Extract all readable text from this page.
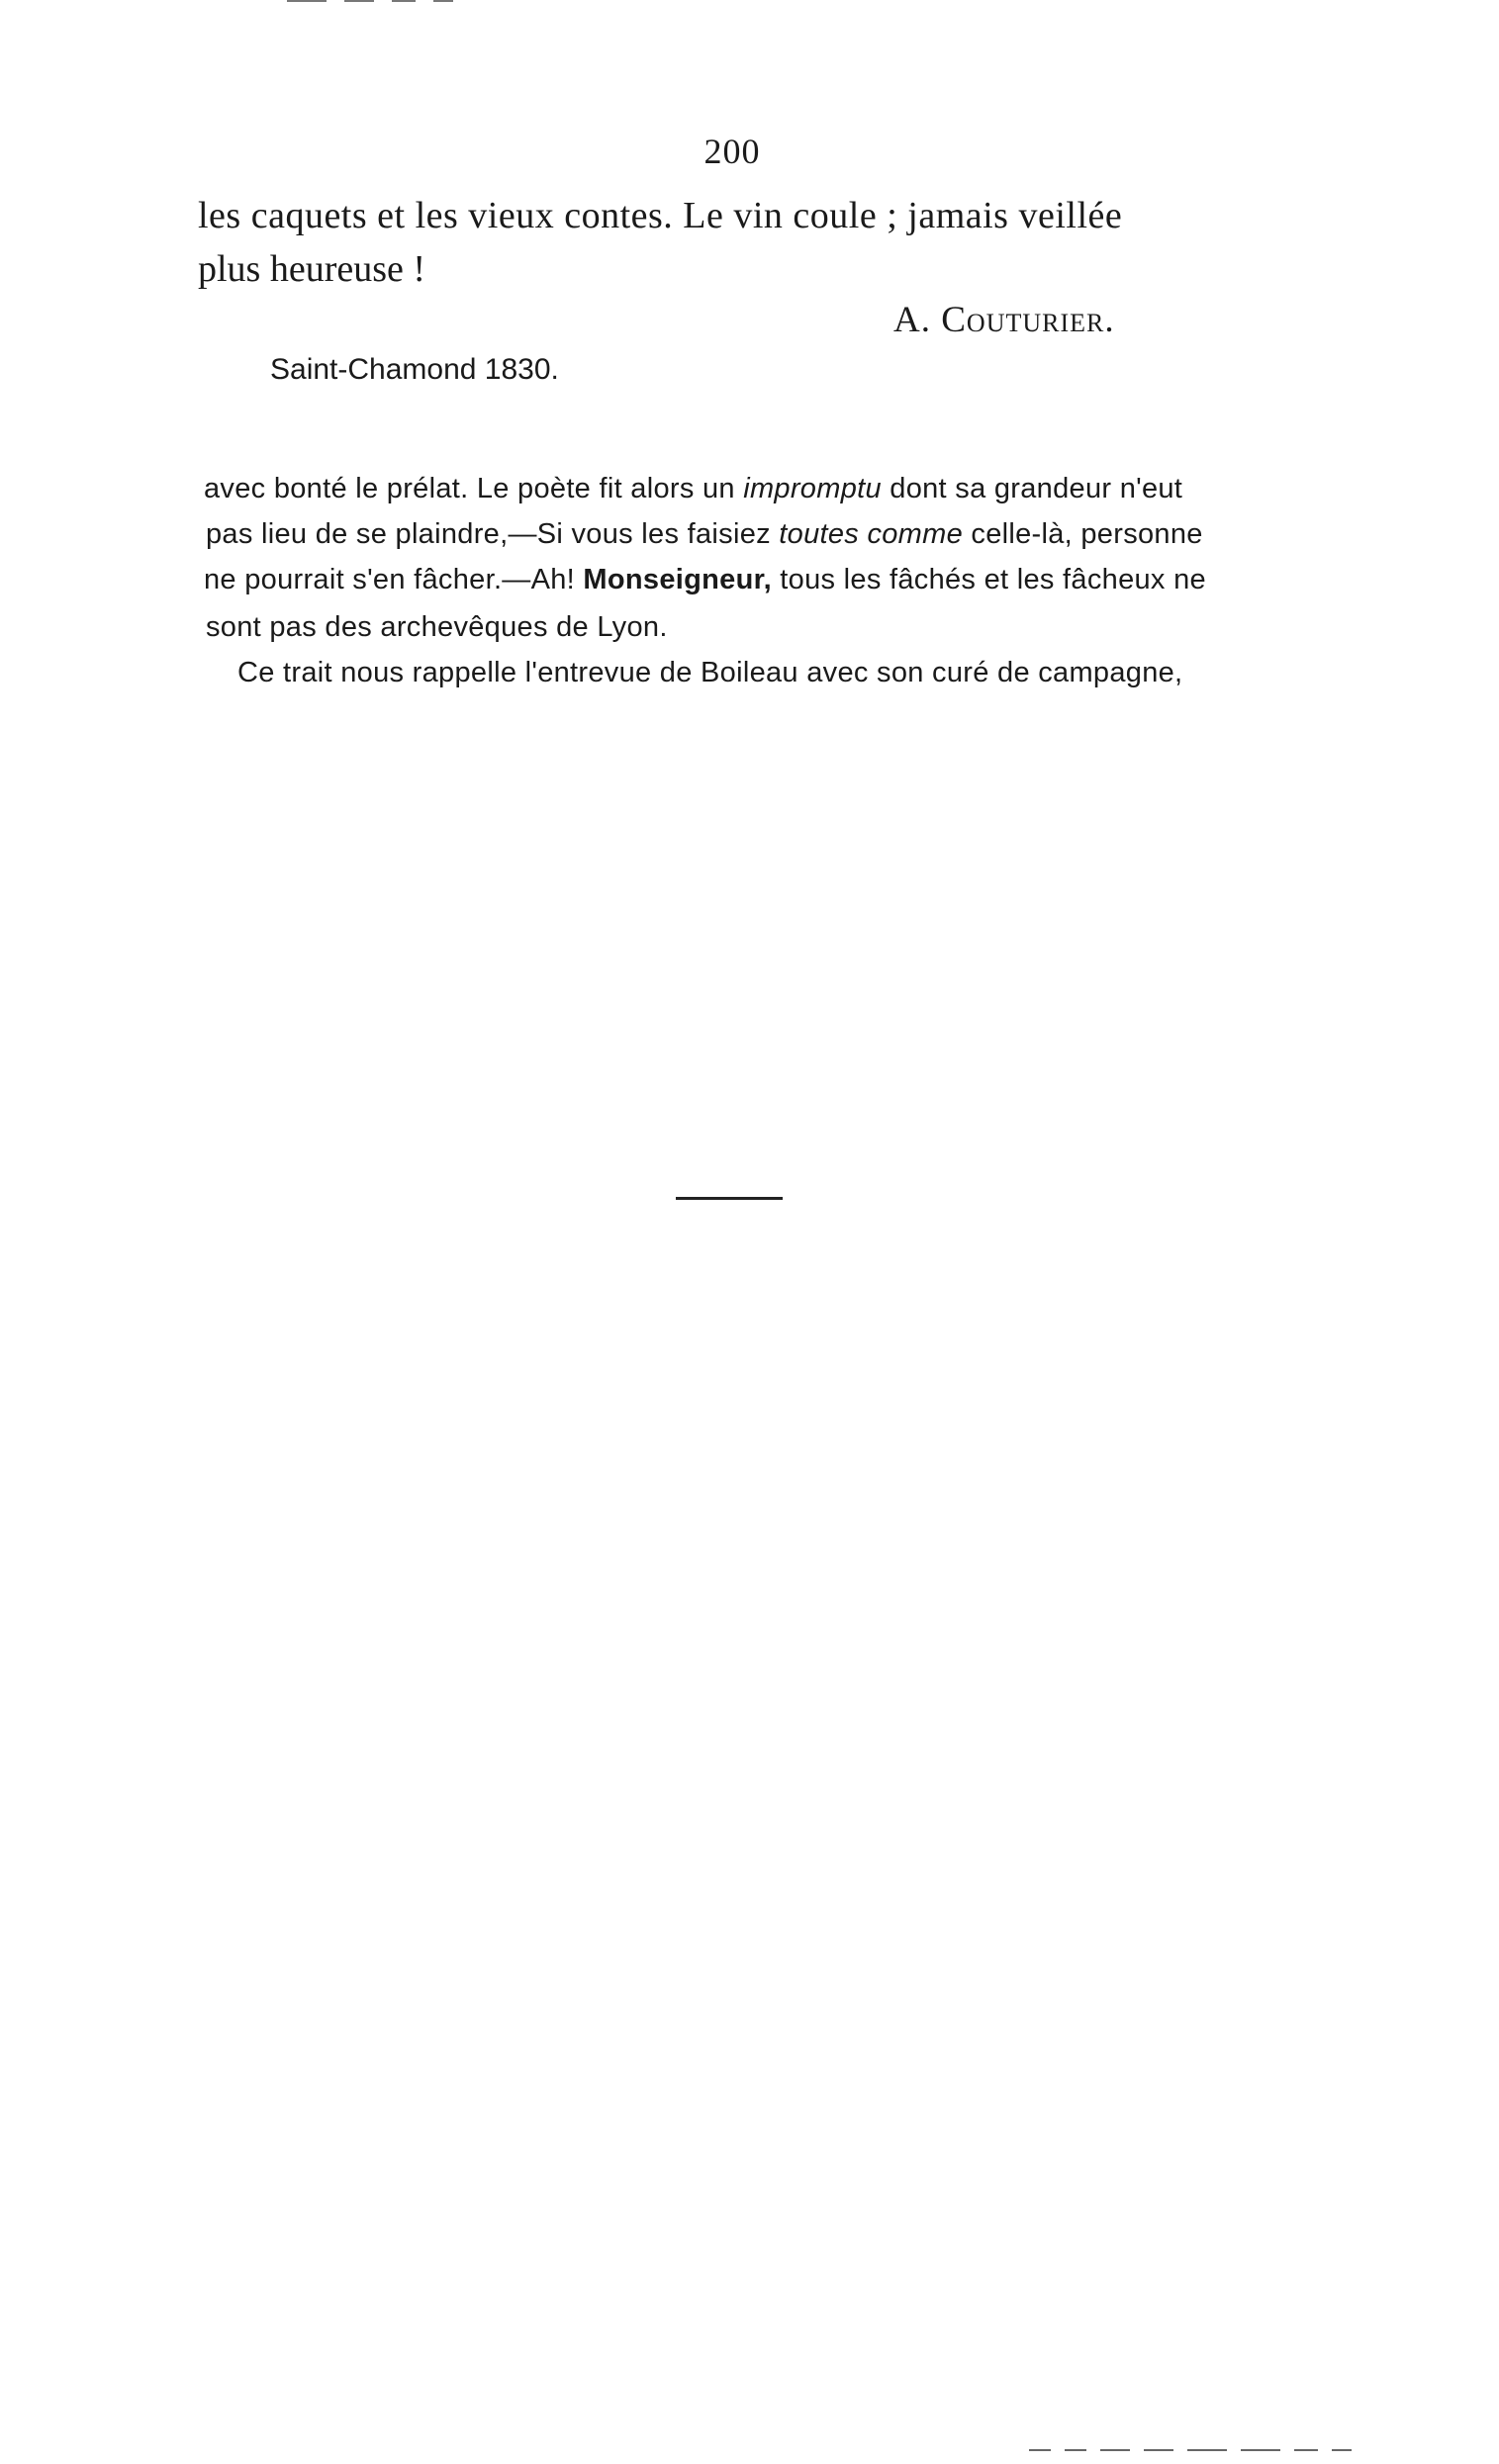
200
les caquets et les vieux contes. Le vin coule ; jamais veillée
plus heureuse !
A. Couturier.
Saint-Chamond 1830.
avec bonté le prélat. Le poète fit alors un impromptu dont sa grandeur n'eut
pas lieu de se plaindre,—Si vous les faisiez toutes comme celle-là, personne
ne pourrait s'en fâcher.—Ah! Monseigneur, tous les fâchés et les fâcheux ne
sont pas des archevêques de Lyon.
Ce trait nous rappelle l'entrevue de Boileau avec son curé de campagne,
